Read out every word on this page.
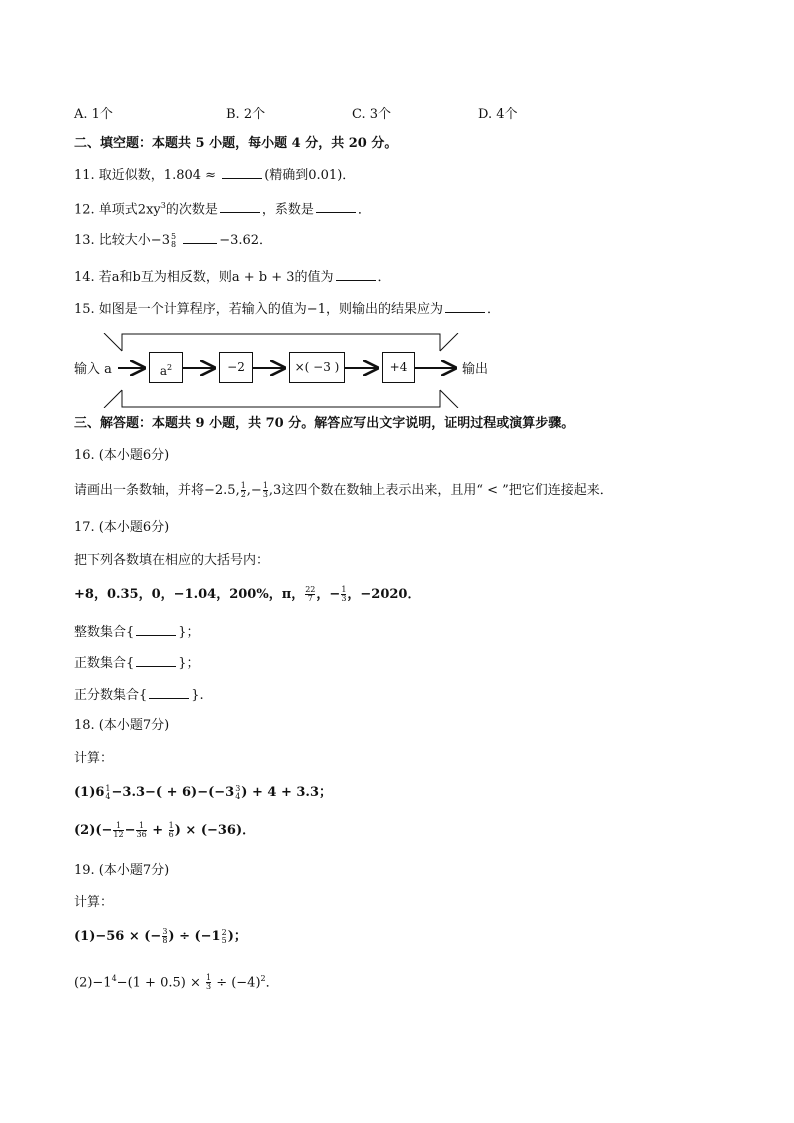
A. 1个	B. 2个	C. 3个	D. 4个
二、填空题：本题共 5 小题，每小题 4 分，共 20 分。
11. 取近似数，1.804 ≈	(精确到0.01)．
12. 单项式$2xy^3$的次数是	，系数是	．
13. 比较大小−3 5
8	−3.62．
14. 若a和b互为相反数，则a + b + 3的值为	．
15. 如图是一个计算程序，若输入的值为−1，则输出的结果应为	．
输入 a	$a^2$	−2	×( −3 )	+4	输出
三、解答题：本题共 9 小题，共 70 分。解答应写出文字说明，证明过程或演算步骤。
16. (本小题6分)
请画出一条数轴，并将−2.5, $\frac{1}{2}$ ,− $\frac{1}{3} ,3$这四个数在数轴上表示出来，且用“ < ”把它们连接起来．
17. (本小题6分)
把下列各数填在相应的大括号内：
+8，0.35，0，−1.04，200%，π， $\frac{22}{7}$ ，− $\frac{1}{3}$ ，−2020．
整数集合{	}；
正数集合{	}；
正分数集合{	}.
18. (本小题7分)
计算：
(1)6 1
4 −3.3−( + 6)−(−3 3
4 ) + 4 + 3.3；
$(2)(- \frac{1}{12} - \frac{1}{36} + \frac{1}{6}$ ) × (−36)．
19. (本小题7分)
计算：
(1)−56 × (− $\frac{3}{8}$ ) ÷ (−1 2
5 )；
$(2)-1^4-(1 + 0.5) \times \frac{1}{3} \div (-4)^2$．
